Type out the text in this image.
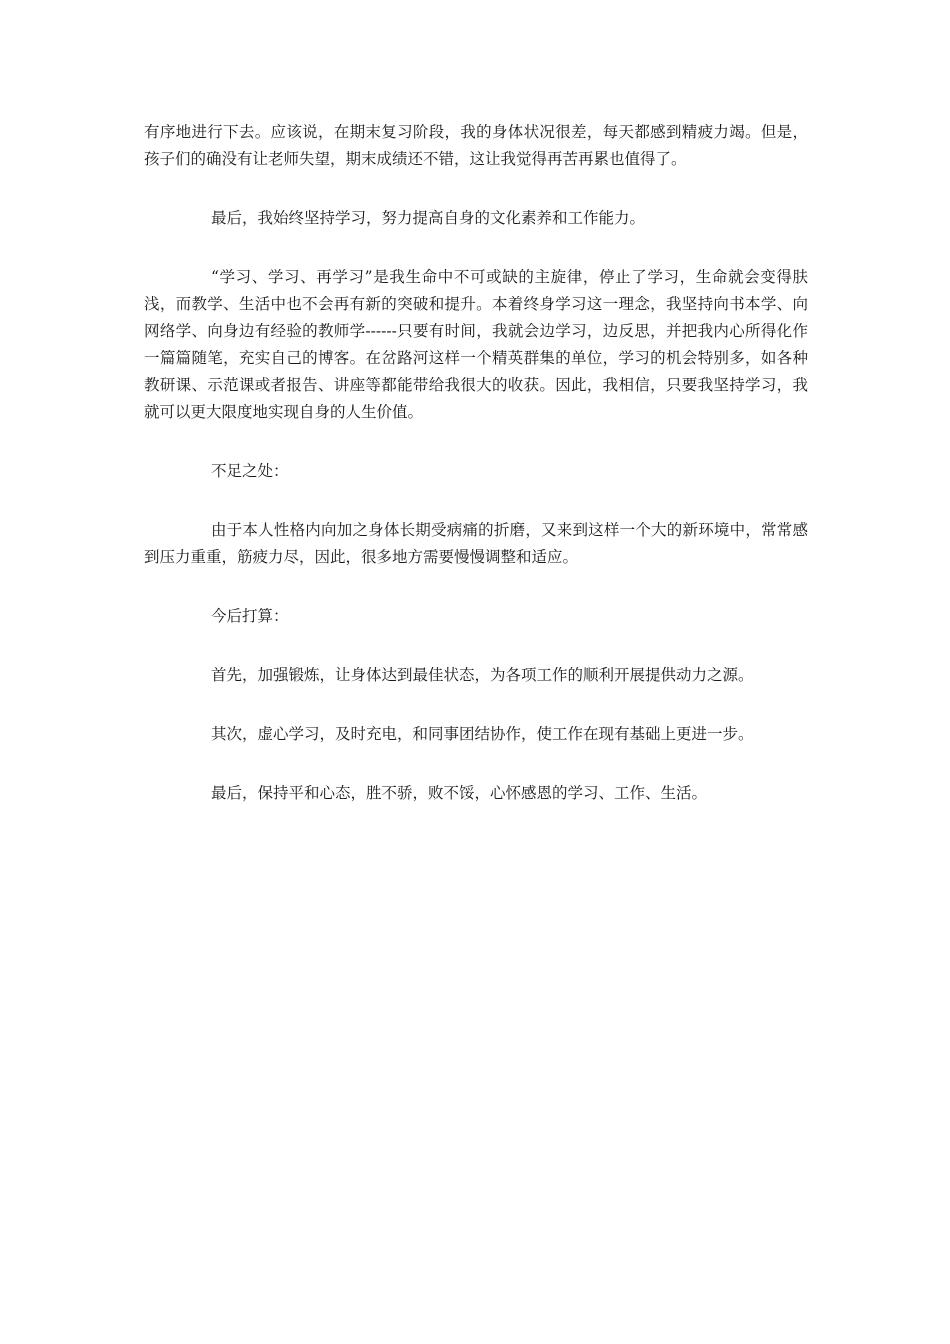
有序地进行下去。应该说，在期末复习阶段，我的身体状况很差，每天都感到精疲力竭。但是，孩子们的确没有让老师失望，期末成绩还不错，这让我觉得再苦再累也值得了。

最后，我始终坚持学习，努力提高自身的文化素养和工作能力。

“学习、学习、再学习”是我生命中不可或缺的主旋律，停止了学习，生命就会变得肤浅，而教学、生活中也不会再有新的突破和提升。本着终身学习这一理念，我坚持向书本学、向网络学、向身边有经验的教师学------只要有时间，我就会边学习，边反思，并把我内心所得化作一篇篇随笔，充实自己的博客。在岔路河这样一个精英群集的单位，学习的机会特别多，如各种教研课、示范课或者报告、讲座等都能带给我很大的收获。因此，我相信，只要我坚持学习，我就可以更大限度地实现自身的人生价值。

不足之处：

由于本人性格内向加之身体长期受病痛的折磨，又来到这样一个大的新环境中，常常感到压力重重，筋疲力尽，因此，很多地方需要慢慢调整和适应。

今后打算：

首先，加强锻炼，让身体达到最佳状态，为各项工作的顺利开展提供动力之源。

其次，虚心学习，及时充电，和同事团结协作，使工作在现有基础上更进一步。

最后，保持平和心态，胜不骄，败不馁，心怀感恩的学习、工作、生活。
